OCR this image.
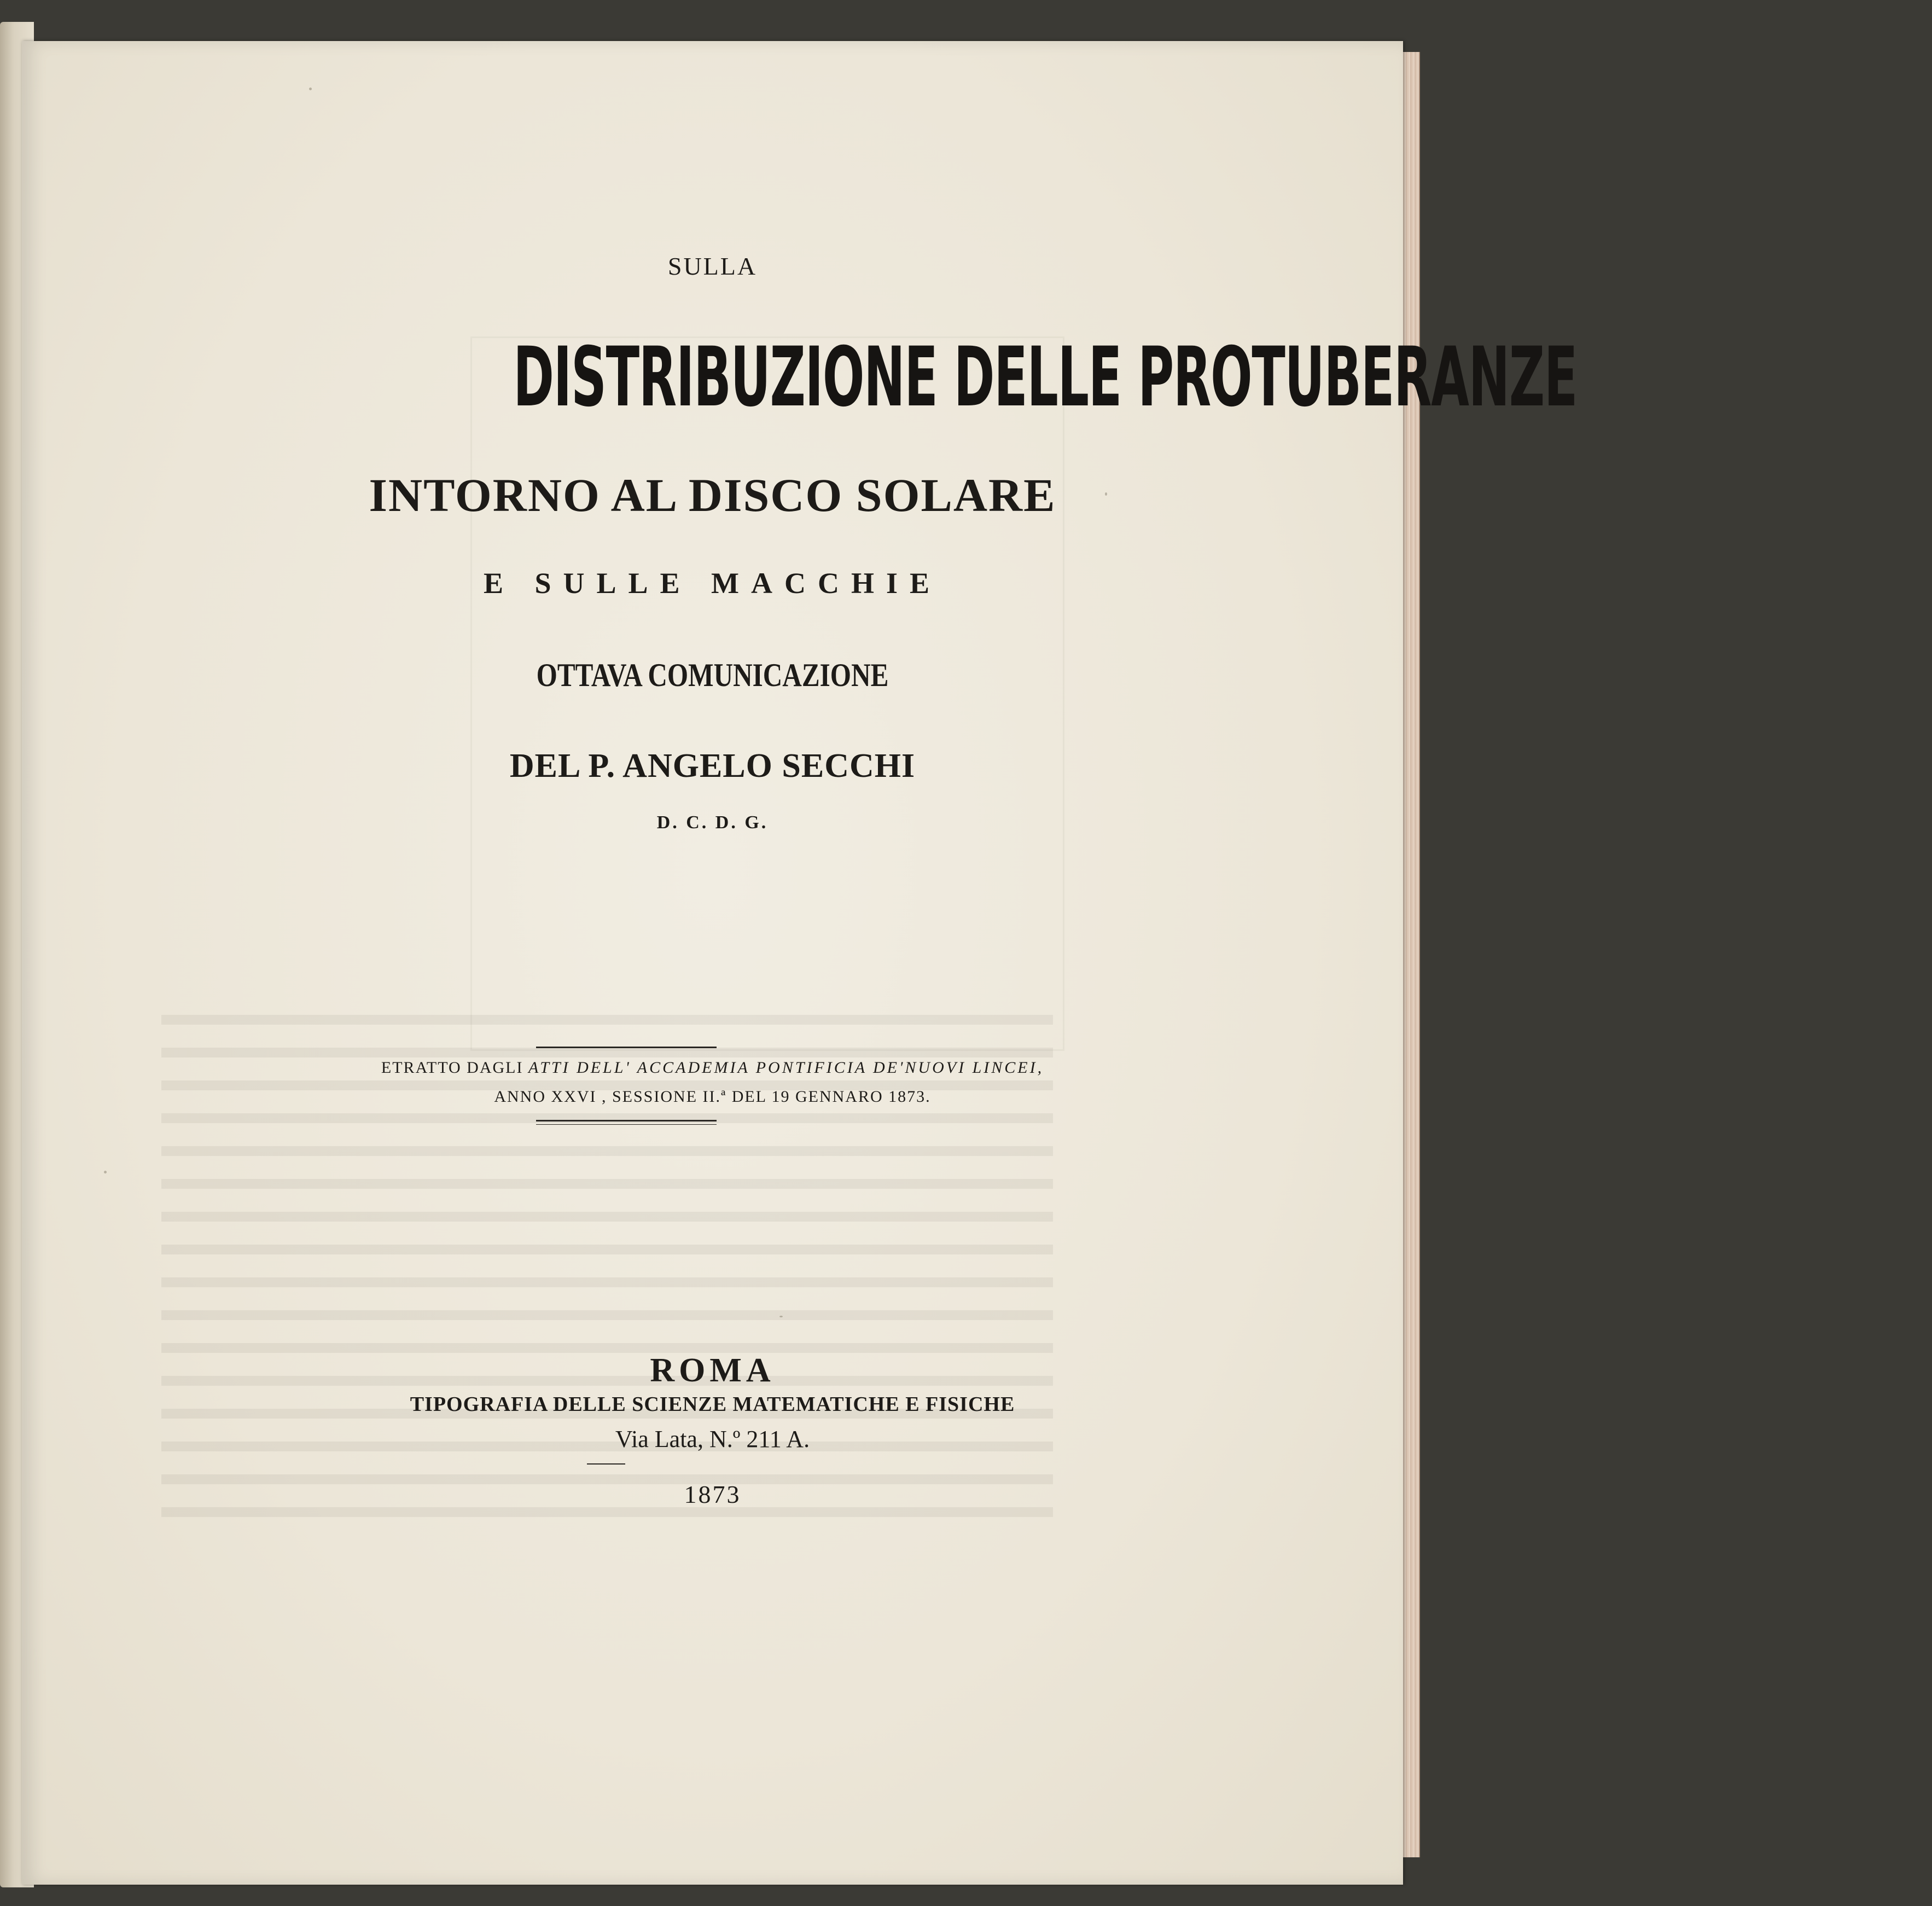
SULLA
DISTRIBUZIONE DELLE PROTUBERANZE
INTORNO AL DISCO SOLARE
E SULLE MACCHIE
OTTAVA COMUNICAZIONE
DEL P. ANGELO SECCHI
D. C. D. G.
ETRATTO DAGLI ATTI DELL' ACCADEMIA PONTIFICIA DE'NUOVI LINCEI,
ANNO XXVI , SESSIONE II.ª DEL 19 GENNARO 1873.
ROMA
TIPOGRAFIA DELLE SCIENZE MATEMATICHE E FISICHE
Via Lata, N.º 211 A.
1873
